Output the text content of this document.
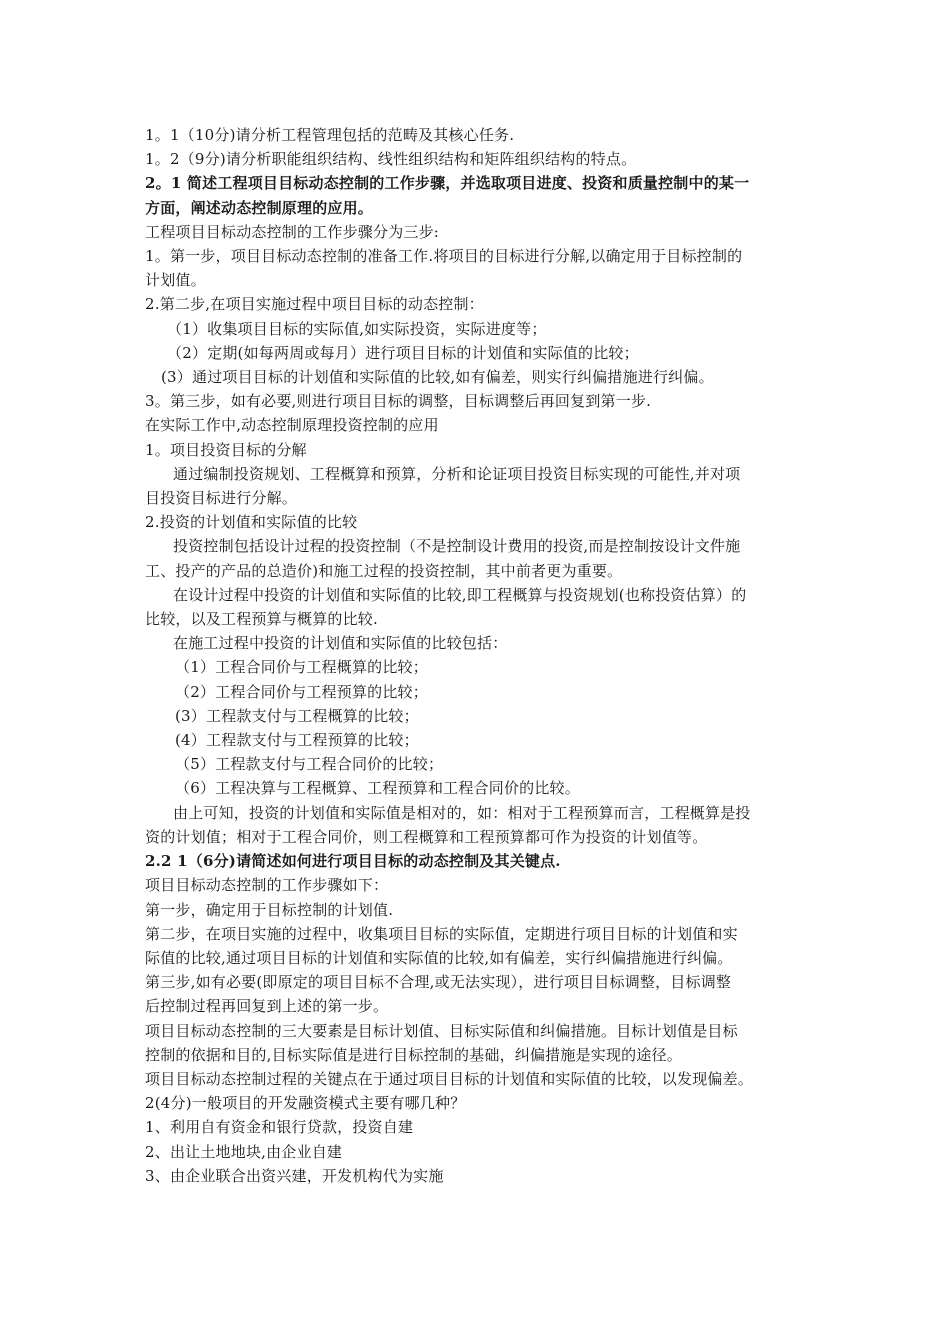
1。1（10分)请分析工程管理包括的范畴及其核心任务.
1。2（9分)请分析职能组织结构、线性组织结构和矩阵组织结构的特点。
2。1 简述工程项目目标动态控制的工作步骤，并选取项目进度、投资和质量控制中的某一
方面，阐述动态控制原理的应用。
工程项目目标动态控制的工作步骤分为三步:
1。第一步，项目目标动态控制的准备工作.将项目的目标进行分解,以确定用于目标控制的
计划值。
2.第二步,在项目实施过程中项目目标的动态控制：
（1）收集项目目标的实际值,如实际投资，实际进度等；
（2）定期(如每两周或每月）进行项目目标的计划值和实际值的比较；
(3）通过项目目标的计划值和实际值的比较,如有偏差，则实行纠偏措施进行纠偏。
3。第三步，如有必要,则进行项目目标的调整，目标调整后再回复到第一步.
在实际工作中,动态控制原理投资控制的应用
1。项目投资目标的分解
通过编制投资规划、工程概算和预算，分析和论证项目投资目标实现的可能性,并对项
目投资目标进行分解。
2.投资的计划值和实际值的比较
投资控制包括设计过程的投资控制（不是控制设计费用的投资,而是控制按设计文件施
工、投产的产品的总造价)和施工过程的投资控制，其中前者更为重要。
在设计过程中投资的计划值和实际值的比较,即工程概算与投资规划(也称投资估算）的
比较，以及工程预算与概算的比较.
在施工过程中投资的计划值和实际值的比较包括：
（1）工程合同价与工程概算的比较；
（2）工程合同价与工程预算的比较；
(3）工程款支付与工程概算的比较；
(4）工程款支付与工程预算的比较；
（5）工程款支付与工程合同价的比较；
（6）工程决算与工程概算、工程预算和工程合同价的比较。
由上可知，投资的计划值和实际值是相对的，如：相对于工程预算而言，工程概算是投
资的计划值；相对于工程合同价，则工程概算和工程预算都可作为投资的计划值等。
2.2 1（6分)请简述如何进行项目目标的动态控制及其关键点.
项目目标动态控制的工作步骤如下：
第一步，确定用于目标控制的计划值.
第二步，在项目实施的过程中，收集项目目标的实际值，定期进行项目目标的计划值和实
际值的比较,通过项目目标的计划值和实际值的比较,如有偏差，实行纠偏措施进行纠偏。
第三步,如有必要(即原定的项目目标不合理,或无法实现），进行项目目标调整，目标调整
后控制过程再回复到上述的第一步。
项目目标动态控制的三大要素是目标计划值、目标实际值和纠偏措施。目标计划值是目标
控制的依据和目的,目标实际值是进行目标控制的基础，纠偏措施是实现的途径。
项目目标动态控制过程的关键点在于通过项目目标的计划值和实际值的比较，以发现偏差。
2(4分)一般项目的开发融资模式主要有哪几种？
1、利用自有资金和银行贷款，投资自建
2、出让土地地块,由企业自建
3、由企业联合出资兴建，开发机构代为实施
